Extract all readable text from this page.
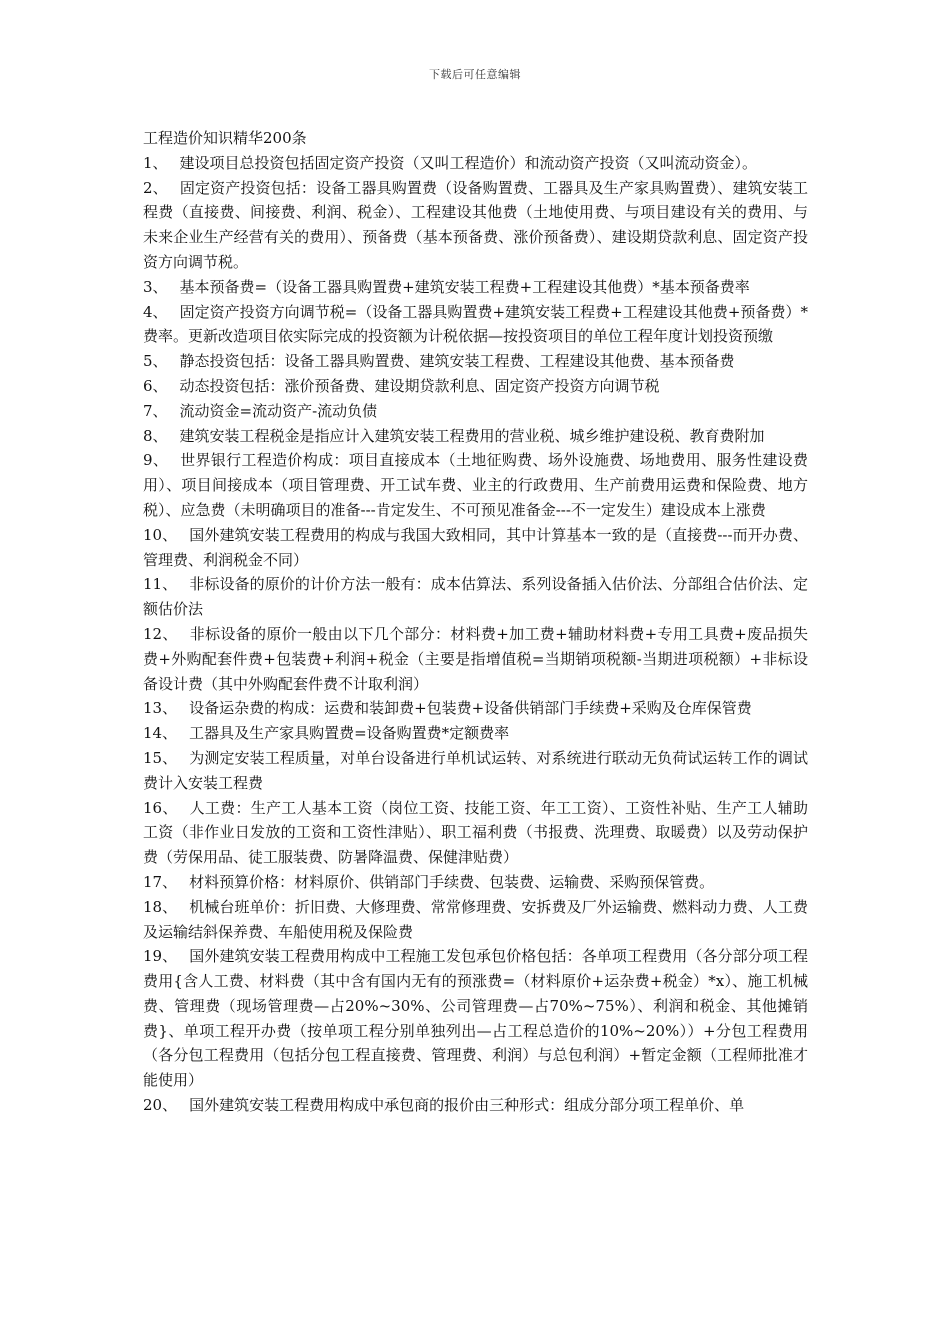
下载后可任意编辑

工程造价知识精华200条

1、 建设项目总投资包括固定资产投资（又叫工程造价）和流动资产投资（又叫流动资金）。

2、 固定资产投资包括：设备工器具购置费（设备购置费、工器具及生产家具购置费）、建筑安装工程费（直接费、间接费、利润、税金）、工程建设其他费（土地使用费、与项目建设有关的费用、与未来企业生产经营有关的费用）、预备费（基本预备费、涨价预备费）、建设期贷款利息、固定资产投资方向调节税。

3、 基本预备费=（设备工器具购置费+建筑安装工程费+工程建设其他费）*基本预备费率

4、 固定资产投资方向调节税=（设备工器具购置费+建筑安装工程费+工程建设其他费+预备费）*费率。更新改造项目依实际完成的投资额为计税依据—按投资项目的单位工程年度计划投资预缴

5、 静态投资包括：设备工器具购置费、建筑安装工程费、工程建设其他费、基本预备费

6、 动态投资包括：涨价预备费、建设期贷款利息、固定资产投资方向调节税

7、 流动资金=流动资产-流动负债

8、 建筑安装工程税金是指应计入建筑安装工程费用的营业税、城乡维护建设税、教育费附加

9、 世界银行工程造价构成：项目直接成本（土地征购费、场外设施费、场地费用、服务性建设费用）、项目间接成本（项目管理费、开工试车费、业主的行政费用、生产前费用运费和保险费、地方税）、应急费（未明确项目的准备---肯定发生、不可预见准备金---不一定发生）建设成本上涨费

10、 国外建筑安装工程费用的构成与我国大致相同，其中计算基本一致的是（直接费---而开办费、管理费、利润税金不同）

11、 非标设备的原价的计价方法一般有：成本估算法、系列设备插入估价法、分部组合估价法、定额估价法

12、 非标设备的原价一般由以下几个部分：材料费+加工费+辅助材料费+专用工具费+废品损失费+外购配套件费+包装费+利润+税金（主要是指增值税=当期销项税额-当期进项税额）+非标设备设计费（其中外购配套件费不计取利润）

13、 设备运杂费的构成：运费和装卸费+包装费+设备供销部门手续费+采购及仓库保管费

14、 工器具及生产家具购置费=设备购置费*定额费率

15、 为测定安装工程质量，对单台设备进行单机试运转、对系统进行联动无负荷试运转工作的调试费计入安装工程费

16、 人工费：生产工人基本工资（岗位工资、技能工资、年工工资）、工资性补贴、生产工人辅助工资（非作业日发放的工资和工资性津贴）、职工福利费（书报费、洗理费、取暖费）以及劳动保护费（劳保用品、徒工服装费、防暑降温费、保健津贴费）

17、 材料预算价格：材料原价、供销部门手续费、包装费、运输费、采购预保管费。

18、 机械台班单价：折旧费、大修理费、常常修理费、安拆费及厂外运输费、燃料动力费、人工费及运输结斜保养费、车船使用税及保险费

19、 国外建筑安装工程费用构成中工程施工发包承包价格包括：各单项工程费用（各分部分项工程费用{含人工费、材料费（其中含有国内无有的预涨费=（材料原价+运杂费+税金）*x）、施工机械费、管理费（现场管理费—占20%~30%、公司管理费—占70%~75%）、利润和税金、其他摊销费}、单项工程开办费（按单项工程分别单独列出—占工程总造价的10%~20%））+分包工程费用（各分包工程费用（包括分包工程直接费、管理费、利润）与总包利润）+暂定金额（工程师批准才能使用）

20、 国外建筑安装工程费用构成中承包商的报价由三种形式：组成分部分项工程单价、单
